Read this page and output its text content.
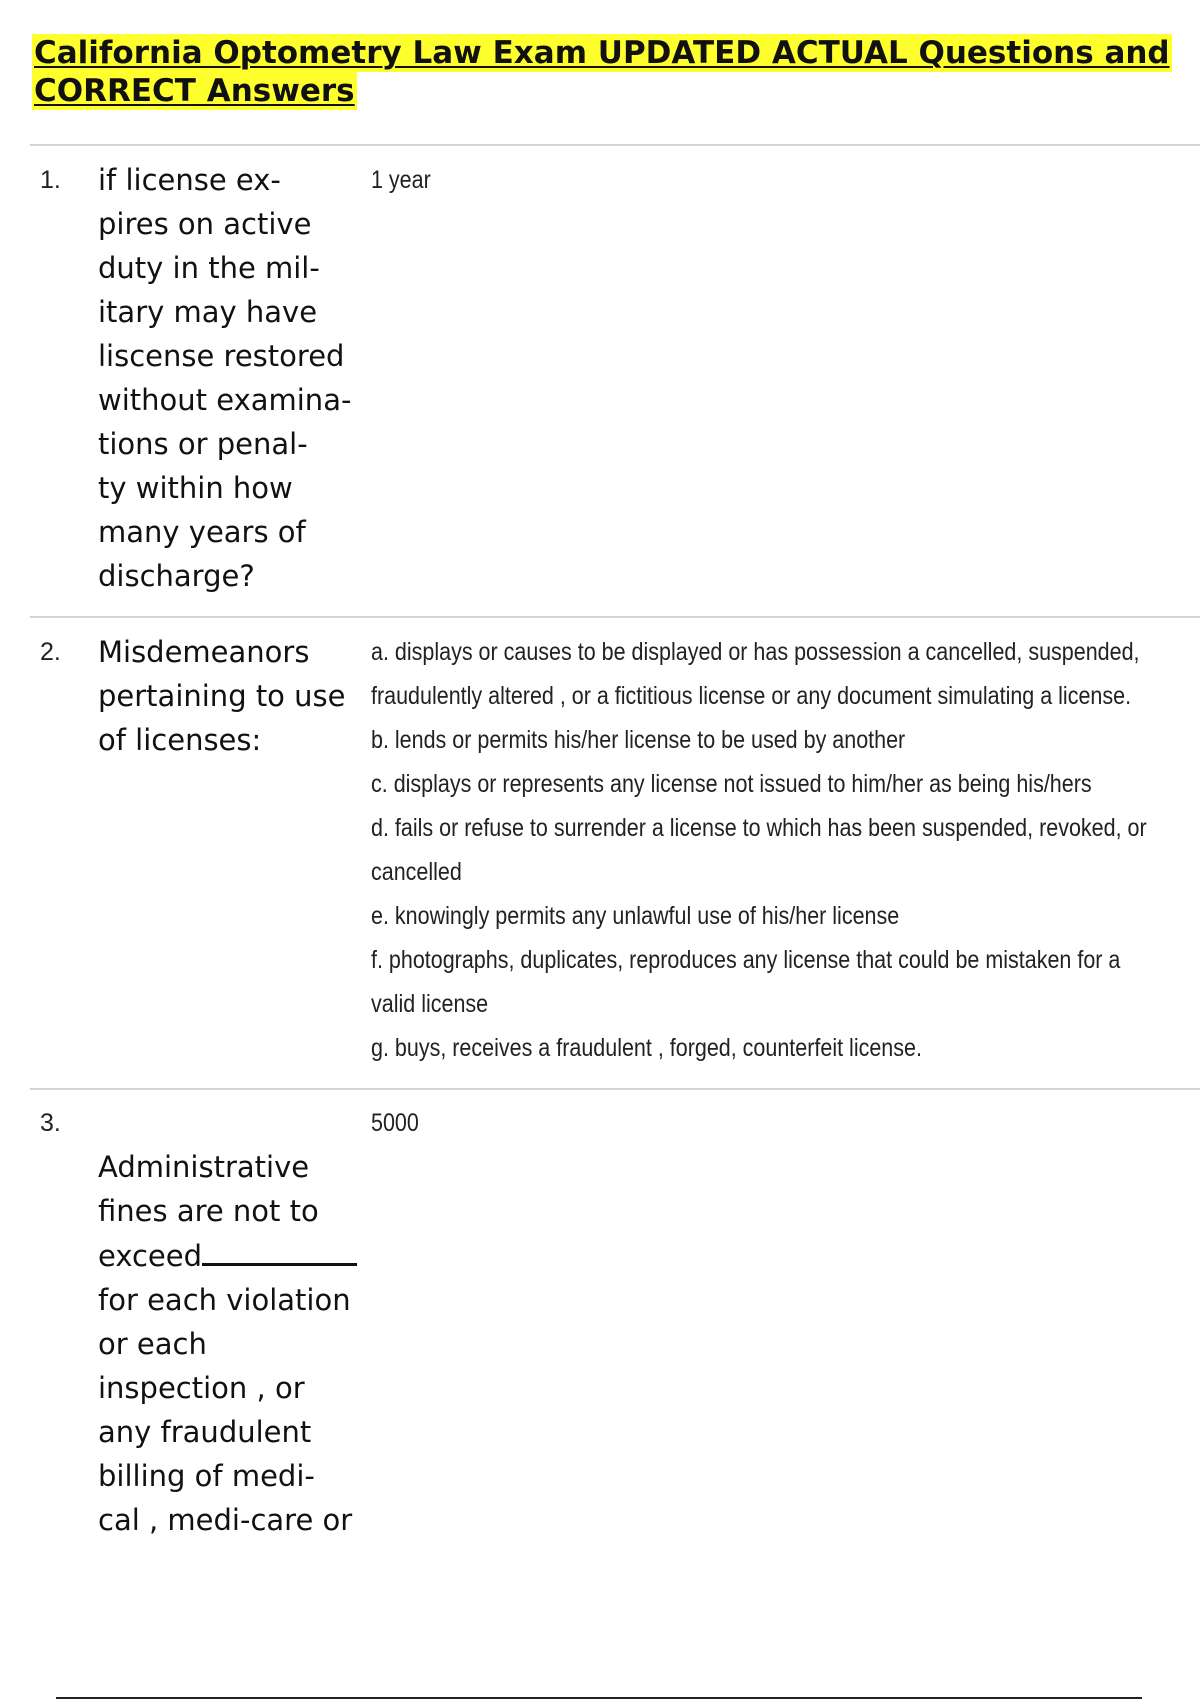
California Optometry Law Exam UPDATED ACTUAL Questions and
CORRECT Answers
1. if license ex-
pires on active
duty in the mil-
itary may have
liscense restored
without examina-
tions or penal-
ty within how
many years of
discharge?
1 year
2. Misdemeanors
pertaining to use
of licenses:

a. displays or causes to be displayed or has possession a cancelled, suspended,

fraudulently altered , or a fictitious license or any document simulating a license.

b. lends or permits his/her license to be used by another

c. displays or represents any license not issued to him/her as being his/hers

d. fails or refuse to surrender a license to which has been suspended, revoked, or

cancelled

e. knowingly permits any unlawful use of his/her license

f. photographs, duplicates, reproduces any license that could be mistaken for a

valid license

g. buys, receives a fraudulent , forged, counterfeit license.

3.

Administrative
fines are not to
exceed

for each violation
or each
inspection , or
any fraudulent
billing of medi-
cal , medi-care or

5000
